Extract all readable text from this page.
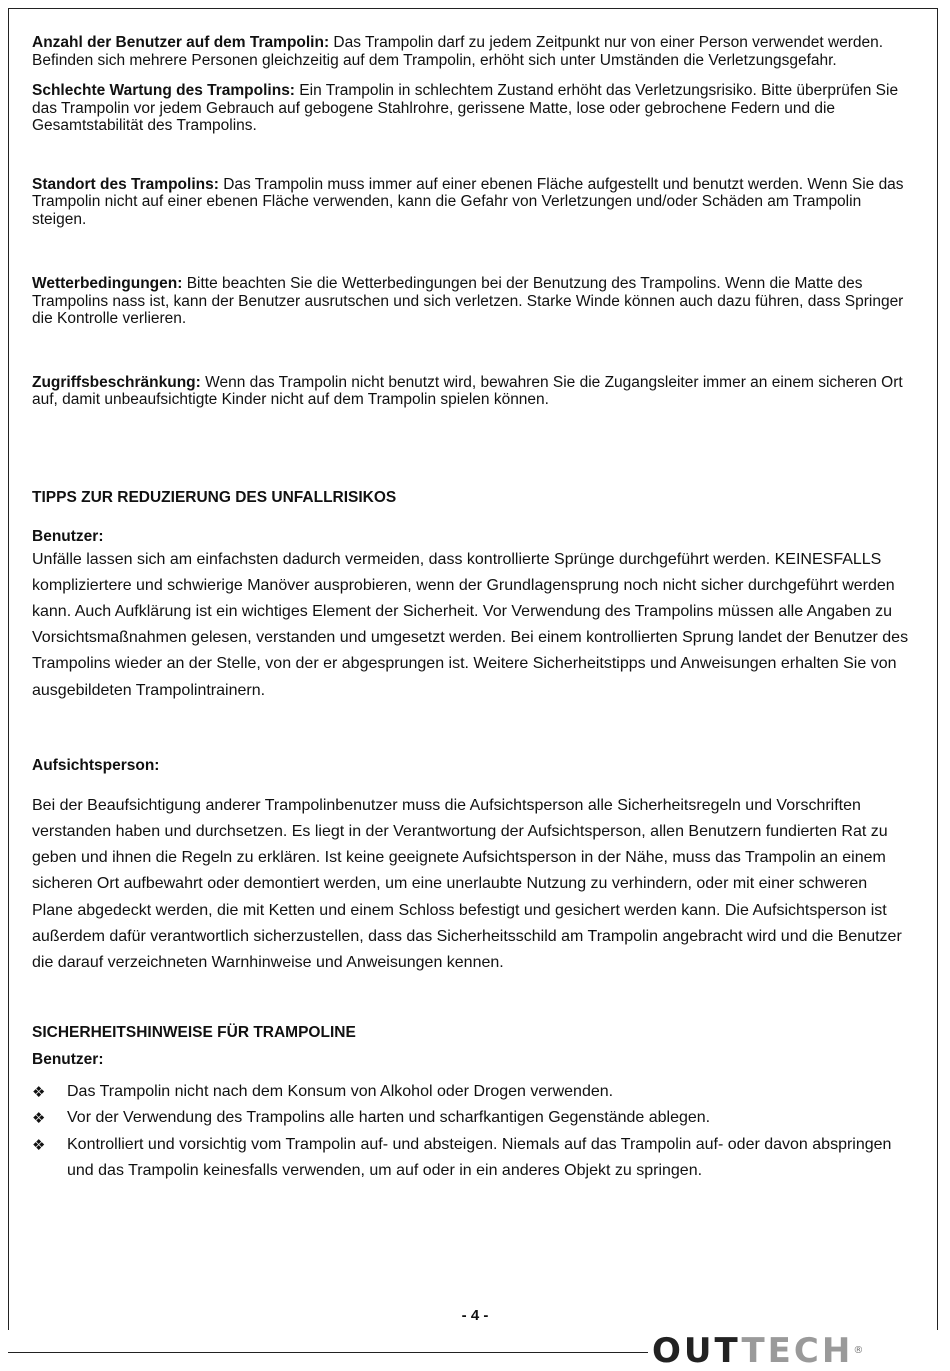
Anzahl der Benutzer auf dem Trampolin: Das Trampolin darf zu jedem Zeitpunkt nur von einer Person verwendet werden. Befinden sich mehrere Personen gleichzeitig auf dem Trampolin, erhöht sich unter Umständen die Verletzungsgefahr.

Schlechte Wartung des Trampolins: Ein Trampolin in schlechtem Zustand erhöht das Verletzungsrisiko. Bitte überprüfen Sie das Trampolin vor jedem Gebrauch auf gebogene Stahlrohre, gerissene Matte, lose oder gebrochene Federn und die Gesamtstabilität des Trampolins.

Standort des Trampolins: Das Trampolin muss immer auf einer ebenen Fläche aufgestellt und benutzt werden. Wenn Sie das Trampolin nicht auf einer ebenen Fläche verwenden, kann die Gefahr von Verletzungen und/oder Schäden am Trampolin steigen.

Wetterbedingungen: Bitte beachten Sie die Wetterbedingungen bei der Benutzung des Trampolins. Wenn die Matte des Trampolins nass ist, kann der Benutzer ausrutschen und sich verletzen. Starke Winde können auch dazu führen, dass Springer die Kontrolle verlieren.

Zugriffsbeschränkung: Wenn das Trampolin nicht benutzt wird, bewahren Sie die Zugangsleiter immer an einem sicheren Ort auf, damit unbeaufsichtigte Kinder nicht auf dem Trampolin spielen können.

TIPPS ZUR REDUZIERUNG DES UNFALLRISIKOS
Benutzer:

Unfälle lassen sich am einfachsten dadurch vermeiden, dass kontrollierte Sprünge durchgeführt werden. KEINESFALLS kompliziertere und schwierige Manöver ausprobieren, wenn der Grundlagensprung noch nicht sicher durchgeführt werden kann. Auch Aufklärung ist ein wichtiges Element der Sicherheit. Vor Verwendung des Trampolins müssen alle Angaben zu Vorsichtsmaßnahmen gelesen, verstanden und umgesetzt werden. Bei einem kontrollierten Sprung landet der Benutzer des Trampolins wieder an der Stelle, von der er abgesprungen ist. Weitere Sicherheitstipps und Anweisungen erhalten Sie von ausgebildeten Trampolintrainern.

Aufsichtsperson:

Bei der Beaufsichtigung anderer Trampolinbenutzer muss die Aufsichtsperson alle Sicherheitsregeln und Vorschriften verstanden haben und durchsetzen. Es liegt in der Verantwortung der Aufsichtsperson, allen Benutzern fundierten Rat zu geben und ihnen die Regeln zu erklären. Ist keine geeignete Aufsichtsperson in der Nähe, muss das Trampolin an einem sicheren Ort aufbewahrt oder demontiert werden, um eine unerlaubte Nutzung zu verhindern, oder mit einer schweren Plane abgedeckt werden, die mit Ketten und einem Schloss befestigt und gesichert werden kann. Die Aufsichtsperson ist außerdem dafür verantwortlich sicherzustellen, dass das Sicherheitsschild am Trampolin angebracht wird und die Benutzer die darauf verzeichneten Warnhinweise und Anweisungen kennen.

SICHERHEITSHINWEISE FÜR TRAMPOLINE
Benutzer:
❖ Das Trampolin nicht nach dem Konsum von Alkohol oder Drogen verwenden.
❖ Vor der Verwendung des Trampolins alle harten und scharfkantigen Gegenstände ablegen.
❖ Kontrolliert und vorsichtig vom Trampolin auf- und absteigen. Niemals auf das Trampolin auf- oder davon abspringen und das Trampolin keinesfalls verwenden, um auf oder in ein anderes Objekt zu springen.
- 4 -
OUTTECH®
